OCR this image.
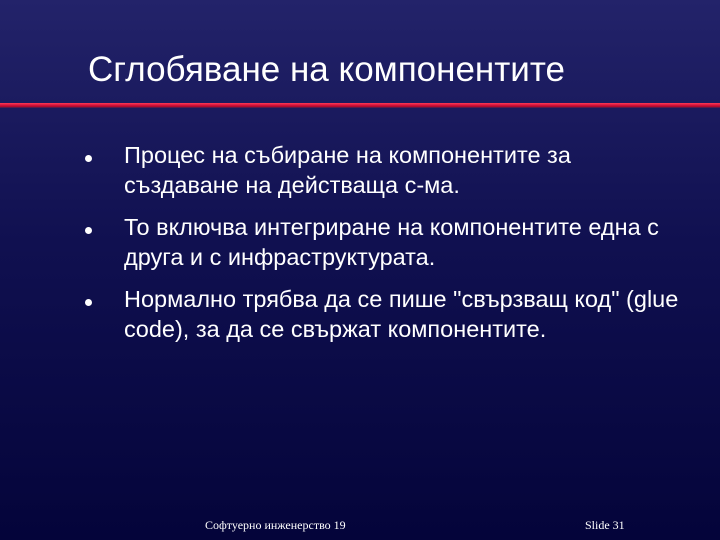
Сглобяване на компонентите
Процес на събиране на компонентите за създаване на действаща с-ма.
То включва интегриране на компонентите една с друга и с инфраструктурата.
Нормално трябва да се пише "свързващ код" (glue code), за да се свържат компонентите.
Софтуерно инженерство 19	Slide 31
